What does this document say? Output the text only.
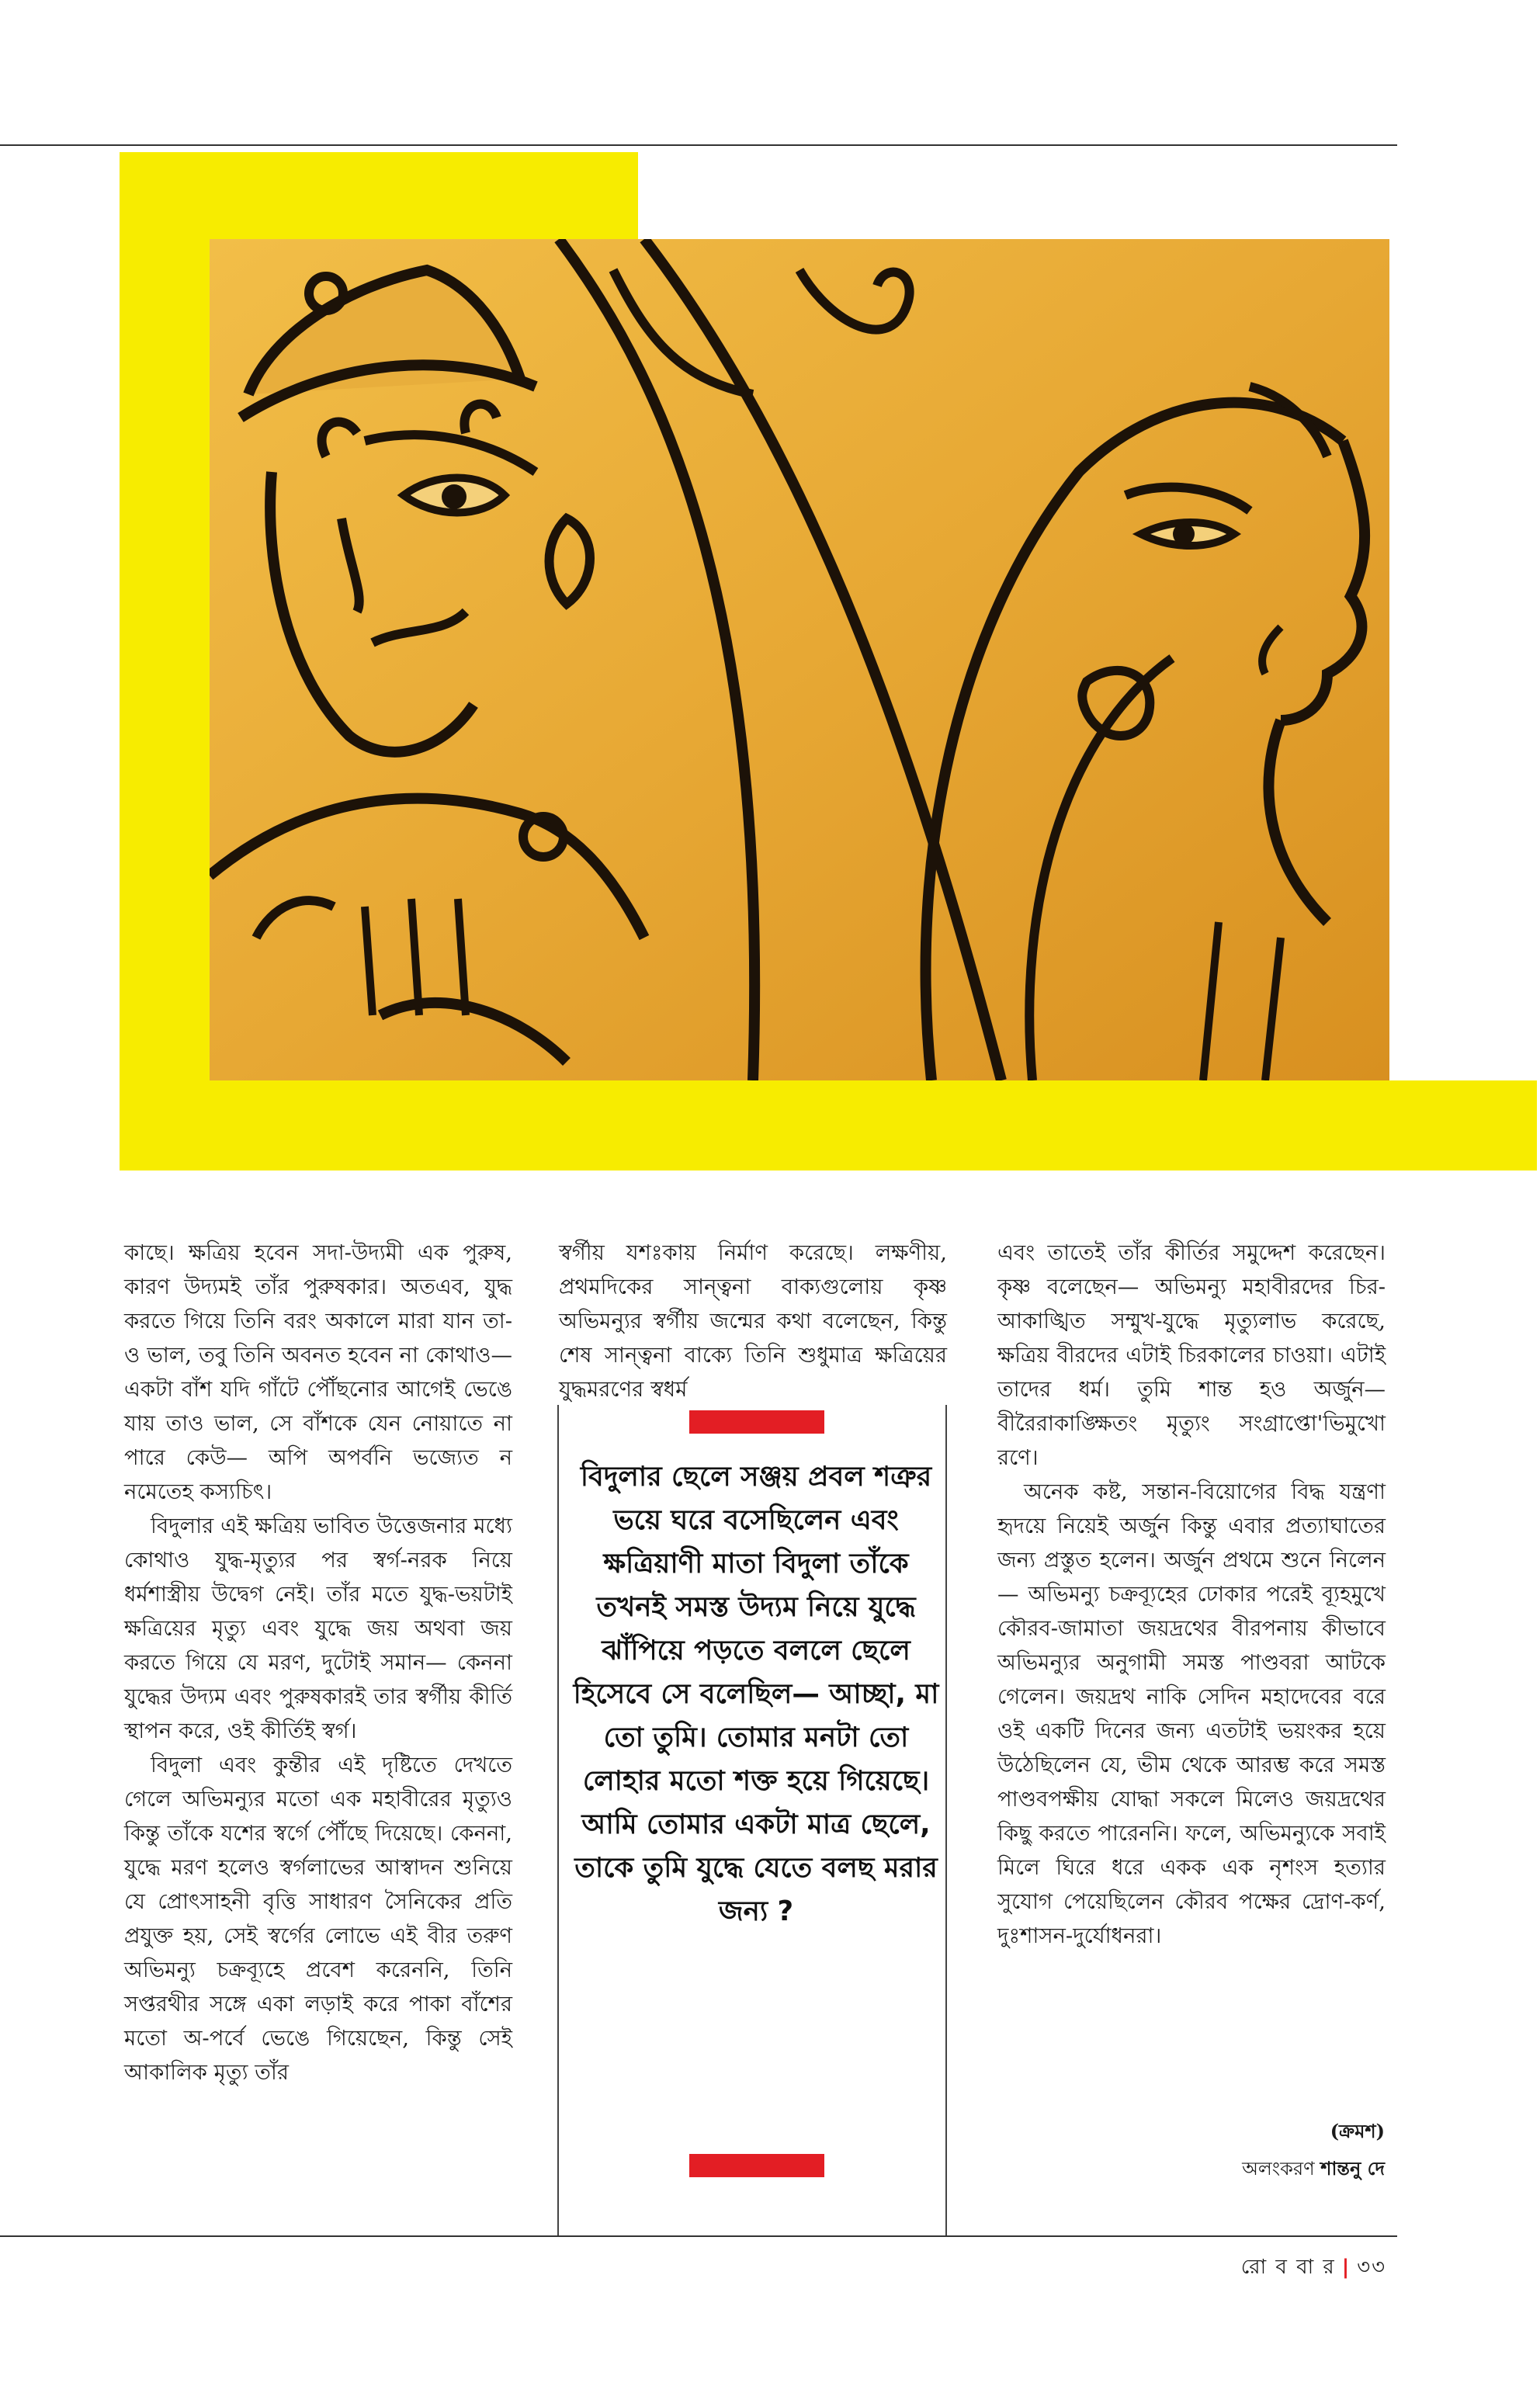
কাছে। ক্ষত্রিয় হবেন সদা-উদ্যমী এক পুরুষ, কারণ উদ্যমই তাঁর পুরুষকার। অতএব, যুদ্ধ করতে গিয়ে তিনি বরং অকালে মারা যান তা-ও ভাল, তবু তিনি অবনত হবেন না কোথাও— একটা বাঁশ যদি গাঁটে পৌঁছনোর আগেই ভেঙে যায় তাও ভাল, সে বাঁশকে যেন নোয়াতে না পারে কেউ— অপি অপর্বনি ভজ্যেত ন নমেতেহ কস্যচিৎ।

বিদুলার এই ক্ষত্রিয় ভাবিত উত্তেজনার মধ্যে কোথাও যুদ্ধ-মৃত্যুর পর স্বর্গ-নরক নিয়ে ধর্মশাস্ত্রীয় উদ্বেগ নেই। তাঁর মতে যুদ্ধ-ভয়টাই ক্ষত্রিয়ের মৃত্যু এবং যুদ্ধে জয় অথবা জয় করতে গিয়ে যে মরণ, দুটোই সমান— কেননা যুদ্ধের উদ্যম এবং পুরুষকারই তার স্বর্গীয় কীর্তি স্থাপন করে, ওই কীর্তিই স্বর্গ।

বিদুলা এবং কুন্তীর এই দৃষ্টিতে দেখতে গেলে অভিমন্যুর মতো এক মহাবীরের মৃত্যুও কিন্তু তাঁকে যশের স্বর্গে পৌঁছে দিয়েছে। কেননা, যুদ্ধে মরণ হলেও স্বর্গলাভের আস্বাদন শুনিয়ে যে প্রোৎসাহনী বৃত্তি সাধারণ সৈনিকের প্রতি প্রযুক্ত হয়, সেই স্বর্গের লোভে এই বীর তরুণ অভিমন্যু চক্রব্যূহে প্রবেশ করেননি, তিনি সপ্তরথীর সঙ্গে একা লড়াই করে পাকা বাঁশের মতো অ-পর্বে ভেঙে গিয়েছেন, কিন্তু সেই আকালিক মৃত্যু তাঁর

স্বর্গীয় যশঃকায় নির্মাণ করেছে। লক্ষণীয়, প্রথমদিকের সান্ত্বনা বাক্যগুলোয় কৃষ্ণ অভিমন্যুর স্বর্গীয় জন্মের কথা বলেছেন, কিন্তু শেষ সান্ত্বনা বাক্যে তিনি শুধুমাত্র ক্ষত্রিয়ের যুদ্ধমরণের স্বধর্ম

বিদুলার ছেলে সঞ্জয় প্রবল শত্রুর ভয়ে ঘরে বসেছিলেন এবং ক্ষত্রিয়াণী মাতা বিদুলা তাঁকে তখনই সমস্ত উদ্যম নিয়ে যুদ্ধে ঝাঁপিয়ে পড়তে বললে ছেলে হিসেবে সে বলেছিল— আচ্ছা, মা তো তুমি। তোমার মনটা তো লোহার মতো শক্ত হয়ে গিয়েছে। আমি তোমার একটা মাত্র ছেলে, তাকে তুমি যুদ্ধে যেতে বলছ মরার জন্য ?

এবং তাতেই তাঁর কীর্তির সমুদ্দেশ করেছেন। কৃষ্ণ বলেছেন— অভিমন্যু মহাবীরদের চির-আকাঙ্খিত সম্মুখ-যুদ্ধে মৃত্যুলাভ করেছে, ক্ষত্রিয় বীরদের এটাই চিরকালের চাওয়া। এটাই তাদের ধর্ম। তুমি শান্ত হও অর্জুন— বীরৈরাকাঙ্ক্ষিতং মৃত্যুং সংগ্রাপ্তো'ভিমুখো রণে।

অনেক কষ্ট, সন্তান-বিয়োগের বিদ্ধ যন্ত্রণা হৃদয়ে নিয়েই অর্জুন কিন্তু এবার প্রত্যাঘাতের জন্য প্রস্তুত হলেন। অর্জুন প্রথমে শুনে নিলেন— অভিমন্যু চক্রব্যূহের ঢোকার পরেই ব্যূহমুখে কৌরব-জামাতা জয়দ্রথের বীরপনায় কীভাবে অভিমন্যুর অনুগামী সমস্ত পাণ্ডবরা আটকে গেলেন। জয়দ্রথ নাকি সেদিন মহাদেবের বরে ওই একটি দিনের জন্য এতটাই ভয়ংকর হয়ে উঠেছিলেন যে, ভীম থেকে আরম্ভ করে সমস্ত পাণ্ডবপক্ষীয় যোদ্ধা সকলে মিলেও জয়দ্রথের কিছু করতে পারেননি। ফলে, অভিমন্যুকে সবাই মিলে ঘিরে ধরে একক এক নৃশংস হত্যার সুযোগ পেয়েছিলেন কৌরব পক্ষের দ্রোণ-কর্ণ, দুঃশাসন-দুর্যোধনরা।

(ক্রমশ)
অলংকরণ শান্তনু দে
রো ব বা র | ৩৩
